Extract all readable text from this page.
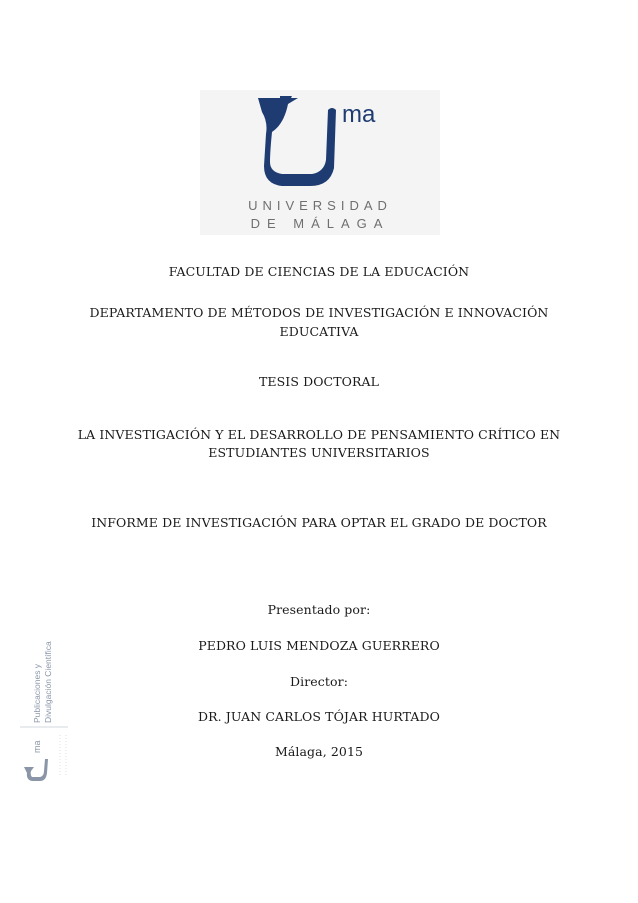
ma
UNIVERSIDAD
DE MÁLAGA
FACULTAD DE CIENCIAS DE LA EDUCACIÓN
DEPARTAMENTO DE MÉTODOS DE INVESTIGACIÓN E INNOVACIÓN
EDUCATIVA
TESIS DOCTORAL
LA INVESTIGACIÓN Y EL DESARROLLO DE PENSAMIENTO CRÍTICO EN
ESTUDIANTES UNIVERSITARIOS
INFORME DE INVESTIGACIÓN PARA OPTAR EL GRADO DE DOCTOR
Presentado por:
PEDRO LUIS MENDOZA GUERRERO
Director:
DR. JUAN CARLOS TÓJAR HURTADO
Málaga, 2015
Publicaciones y Divulgación Científica
ma
